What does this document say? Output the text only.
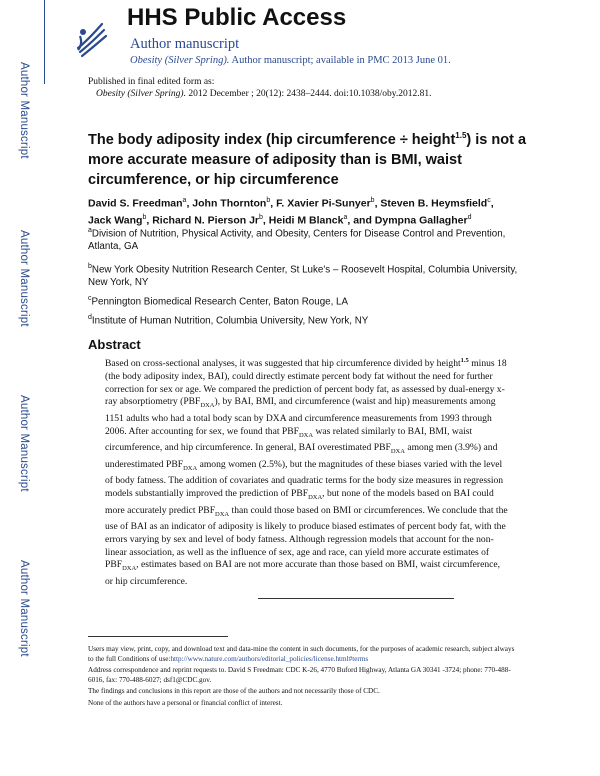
Author Manuscript
Author Manuscript
Author Manuscript
Author Manuscript
HHS Public Access
Author manuscript
Obesity (Silver Spring). Author manuscript; available in PMC 2013 June 01.
Published in final edited form as:
Obesity (Silver Spring). 2012 December ; 20(12): 2438–2444. doi:10.1038/oby.2012.81.
The body adiposity index (hip circumference ÷ height$^{1.5}$) is not a more accurate measure of adiposity than is BMI, waist circumference, or hip circumference
David S. Freedman$^a$, John Thornton$^b$, F. Xavier Pi-Sunyer$^b$, Steven B. Heymsfield$^c$, Jack Wang$^b$, Richard N. Pierson Jr$^b$, Heidi M Blanck$^a$, and Dympna Gallagher$^d$
$^a$Division of Nutrition, Physical Activity, and Obesity, Centers for Disease Control and Prevention, Atlanta, GA
$^b$New York Obesity Nutrition Research Center, St Luke's – Roosevelt Hospital, Columbia University, New York, NY
$^c$Pennington Biomedical Research Center, Baton Rouge, LA
$^d$Institute of Human Nutrition, Columbia University, New York, NY
Abstract
Based on cross-sectional analyses, it was suggested that hip circumference divided by height$^{1.5}$ minus 18 (the body adiposity index, BAI), could directly estimate percent body fat without the need for further correction for sex or age. We compared the prediction of percent body fat, as assessed by dual-energy x-ray absorptiometry $(PBF_{DXA})$, by BAI, BMI, and circumference (waist and hip) measurements among 1151 adults who had a total body scan by DXA and circumference measurements from 1993 through 2006. After accounting for sex, we found that $PBF_{DXA}$ was related similarly to BAI, BMI, waist circumference, and hip circumference. In general, BAI overestimated $PBF_{DXA}$ among men (3.9%) and underestimated $PBF_{DXA}$ among women (2.5%), but the magnitudes of these biases varied with the level of body fatness. The addition of covariates and quadratic terms for the body size measures in regression models substantially improved the prediction of $PBF_{DXA}$, but none of the models based on BAI could more accurately predict $PBF_{DXA}$ than could those based on BMI or circumferences. We conclude that the use of BAI as an indicator of adiposity is likely to produce biased estimates of percent body fat, with the errors varying by sex and level of body fatness. Although regression models that account for the non-linear association, as well as the influence of sex, age and race, can yield more accurate estimates of $PBF_{DXA}$, estimates based on BAI are not more accurate than those based on BMI, waist circumference, or hip circumference.

Users may view, print, copy, and download text and data-mine the content in such documents, for the purposes of academic research, subject always to the full Conditions of use:http://www.nature.com/authors/editorial_policies/license.html#terms

Address correspondence and reprint requests to. David S Freedman: CDC K-26, 4770 Buford Highway, Atlanta GA 30341 -3724; phone: 770-488-6016, fax: 770-488-6027; dsf1@CDC.gov.

The findings and conclusions in this report are those of the authors and not necessarily those of CDC.

None of the authors have a personal or financial conflict of interest.
